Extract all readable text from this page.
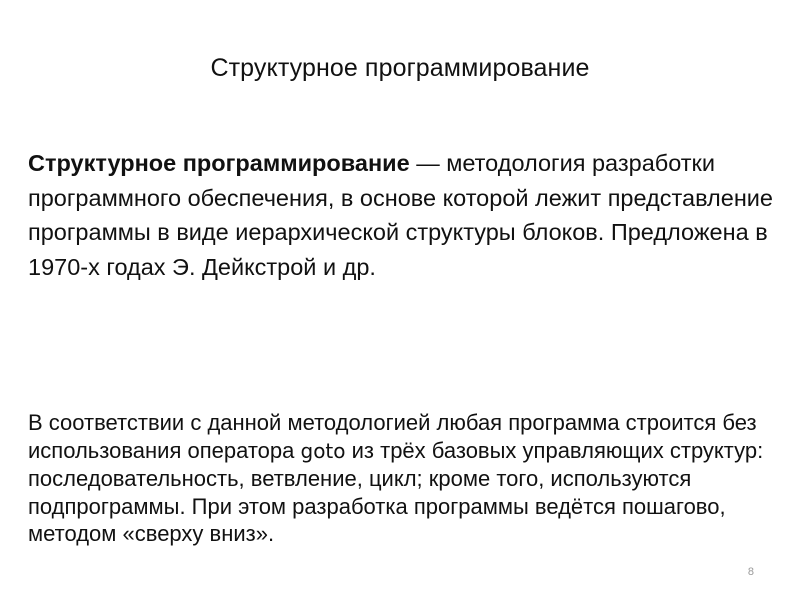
Структурное программирование
Структурное программирование — методология разработки программного обеспечения, в основе которой лежит представление программы в виде иерархической структуры блоков. Предложена в 1970-х годах Э. Дейкстрой и др.
В соответствии с данной методологией любая программа строится без использования оператора goto из трёх базовых управляющих структур: последовательность, ветвление, цикл; кроме того, используются подпрограммы. При этом разработка программы ведётся пошагово, методом «сверху вниз».
8
